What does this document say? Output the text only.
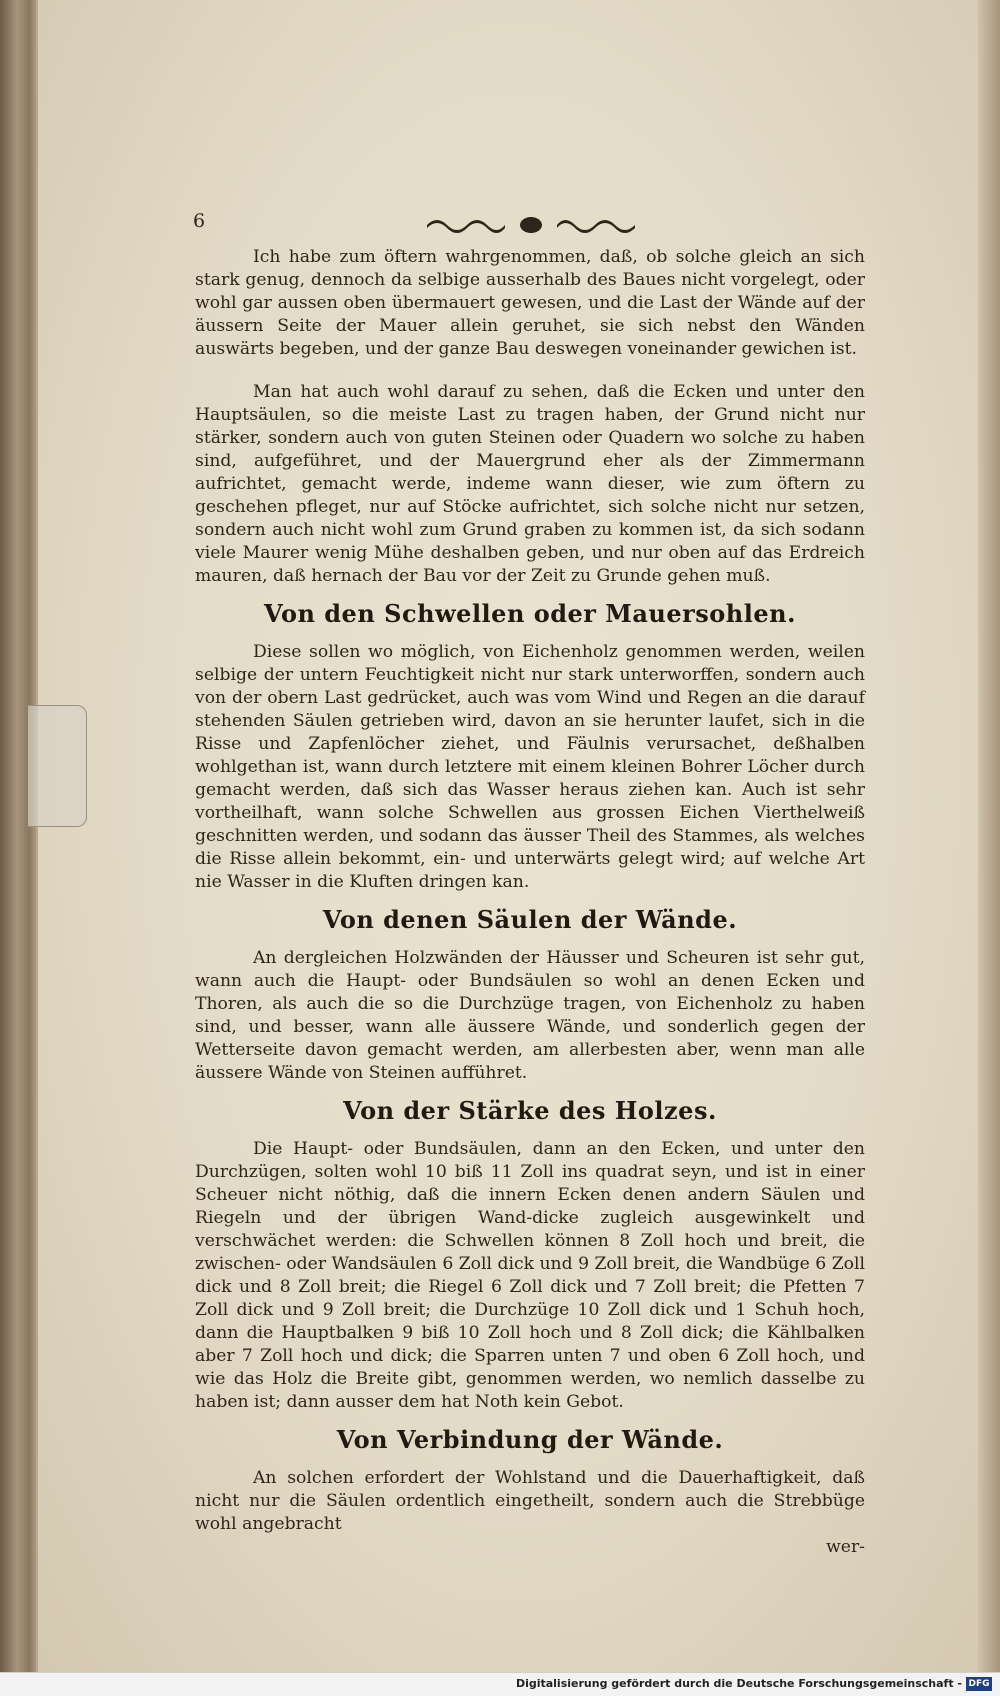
6

Ich habe zum öftern wahrgenommen, daß, ob solche gleich an sich stark genug, dennoch da selbige ausserhalb des Baues nicht vorgelegt, oder wohl gar aussen oben übermauert gewesen, und die Last der Wände auf der äussern Seite der Mauer allein geruhet, sie sich nebst den Wänden auswärts begeben, und der ganze Bau deswegen voneinander gewichen ist.

Man hat auch wohl darauf zu sehen, daß die Ecken und unter den Hauptsäulen, so die meiste Last zu tragen haben, der Grund nicht nur stärker, sondern auch von guten Steinen oder Quadern wo solche zu haben sind, aufgeführet, und der Mauergrund eher als der Zimmermann aufrichtet, gemacht werde, indeme wann dieser, wie zum öftern zu geschehen pfleget, nur auf Stöcke aufrichtet, sich solche nicht nur setzen, sondern auch nicht wohl zum Grund graben zu kommen ist, da sich sodann viele Maurer wenig Mühe deshalben geben, und nur oben auf das Erdreich mauren, daß hernach der Bau vor der Zeit zu Grunde gehen muß.

Von den Schwellen oder Mauersohlen.

Diese sollen wo möglich, von Eichenholz genommen werden, weilen selbige der untern Feuchtigkeit nicht nur stark unterworffen, sondern auch von der obern Last gedrücket, auch was vom Wind und Regen an die darauf stehenden Säulen getrieben wird, davon an sie herunter laufet, sich in die Risse und Zapfenlöcher ziehet, und Fäulnis verursachet, deßhalben wohlgethan ist, wann durch letztere mit einem kleinen Bohrer Löcher durch gemacht werden, daß sich das Wasser heraus ziehen kan. Auch ist sehr vortheilhaft, wann solche Schwellen aus grossen Eichen Vierthelweiß geschnitten werden, und sodann das äusser Theil des Stammes, als welches die Risse allein bekommt, ein- und unterwärts gelegt wird; auf welche Art nie Wasser in die Kluften dringen kan.

Von denen Säulen der Wände.

An dergleichen Holzwänden der Häusser und Scheuren ist sehr gut, wann auch die Haupt- oder Bundsäulen so wohl an denen Ecken und Thoren, als auch die so die Durchzüge tragen, von Eichenholz zu haben sind, und besser, wann alle äussere Wände, und sonderlich gegen der Wetterseite davon gemacht werden, am allerbesten aber, wenn man alle äussere Wände von Steinen aufführet.

Von der Stärke des Holzes.

Die Haupt- oder Bundsäulen, dann an den Ecken, und unter den Durchzügen, solten wohl 10 biß 11 Zoll ins quadrat seyn, und ist in einer Scheuer nicht nöthig, daß die innern Ecken denen andern Säulen und Riegeln und der übrigen Wand-dicke zugleich ausgewinkelt und verschwächet werden: die Schwellen können 8 Zoll hoch und breit, die zwischen- oder Wandsäulen 6 Zoll dick und 9 Zoll breit, die Wandbüge 6 Zoll dick und 8 Zoll breit; die Riegel 6 Zoll dick und 7 Zoll breit; die Pfetten 7 Zoll dick und 9 Zoll breit; die Durchzüge 10 Zoll dick und 1 Schuh hoch, dann die Hauptbalken 9 biß 10 Zoll hoch und 8 Zoll dick; die Kählbalken aber 7 Zoll hoch und dick; die Sparren unten 7 und oben 6 Zoll hoch, und wie das Holz die Breite gibt, genommen werden, wo nemlich dasselbe zu haben ist; dann ausser dem hat Noth kein Gebot.

Von Verbindung der Wände.

An solchen erfordert der Wohlstand und die Dauerhaftigkeit, daß nicht nur die Säulen ordentlich eingetheilt, sondern auch die Strebbüge wohl angebracht

wer-

Digitalisierung gefördert durch die Deutsche Forschungsgemeinschaft - DFG
